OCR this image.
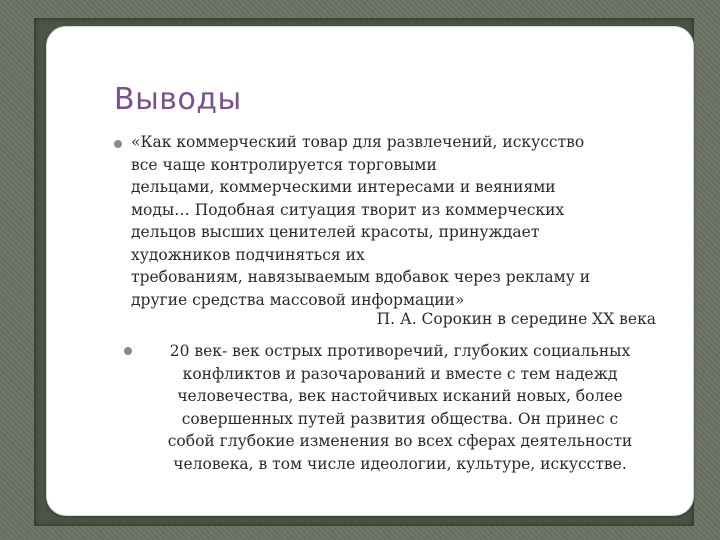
Выводы
«Как коммерческий товар для развлечений, искусство
все чаще контролируется торговыми
дельцами, коммерческими интересами и веяниями
моды… Подобная ситуация творит из коммерческих
дельцов высших ценителей красоты, принуждает
художников подчиняться их
требованиям, навязываемым вдобавок через рекламу и
другие средства массовой информации»
П. А. Сорокин в середине XX века
20 век- век острых противоречий, глубоких социальных
конфликтов и разочарований и вместе с тем надежд
человечества, век настойчивых исканий новых, более
совершенных путей развития общества. Он принес с
собой глубокие изменения во всех сферах деятельности
человека, в том числе идеологии, культуре, искусстве.
